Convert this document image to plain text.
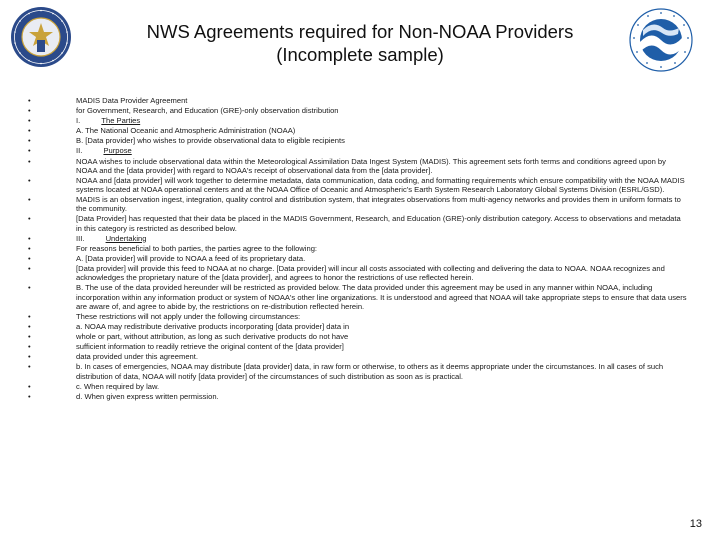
NWS Agreements required for Non-NOAA Providers
(Incomplete sample)
•	MADIS Data Provider Agreement
•	for Government, Research, and Education (GRE)-only observation distribution
•	I.	The Parties
•	A. The National Oceanic and Atmospheric Administration (NOAA)
•	B. [Data provider] who wishes to provide observational data to eligible recipients
•	II.	Purpose
•	NOAA wishes to include observational data within the Meteorological Assimilation Data Ingest System (MADIS). This agreement sets forth terms and conditions agreed upon by NOAA and the [data provider] with regard to NOAA's receipt of observational data from the [data provider].
•	NOAA and [data provider] will work together to determine metadata, data communication, data coding, and formatting requirements which ensure compatibility with the NOAA MADIS systems located at NOAA operational centers and at the NOAA Office of Oceanic and Atmospheric's Earth System Research Laboratory Global Systems Division (ESRL/GSD).
•	MADIS is an observation ingest, integration, quality control and distribution system, that integrates observations from multi-agency networks and provides them in uniform formats to the community.
•	[Data Provider] has requested that their data be placed in the MADIS Government, Research, and Education (GRE)-only distribution category. Access to observations and metadata in this category is restricted as described below.
•	III.	Undertaking
•	For reasons beneficial to both parties, the parties agree to the following:
•	A. [Data provider] will provide to NOAA a feed of its proprietary data.
•	[Data provider] will provide this feed to NOAA at no charge. [Data provider] will incur all costs associated with collecting and delivering the data to NOAA. NOAA recognizes and acknowledges the proprietary nature of the [data provider], and agrees to honor the restrictions of use reflected herein.
•	B. The use of the data provided hereunder will be restricted as provided below. The data provided under this agreement may be used in any manner within NOAA, including incorporation within any information product or system of NOAA's other line organizations. It is understood and agreed that NOAA will take appropriate steps to ensure that data users are aware of, and agree to abide by, the restrictions on re-distribution reflected herein.
•	These restrictions will not apply under the following circumstances:
•	a. NOAA may redistribute derivative products incorporating [data provider] data in
•	whole or part, without attribution, as long as such derivative products do not have
•	sufficient information to readily retrieve the original content of the [data provider]
•	data provided under this agreement.
•	b. In cases of emergencies, NOAA may distribute [data provider] data, in raw form or otherwise, to others as it deems appropriate under the circumstances. In all cases of such distribution of data, NOAA will notify [data provider] of the circumstances of such distribution as soon as is practical.
•	c. When required by law.
•	d. When given express written permission.
13
